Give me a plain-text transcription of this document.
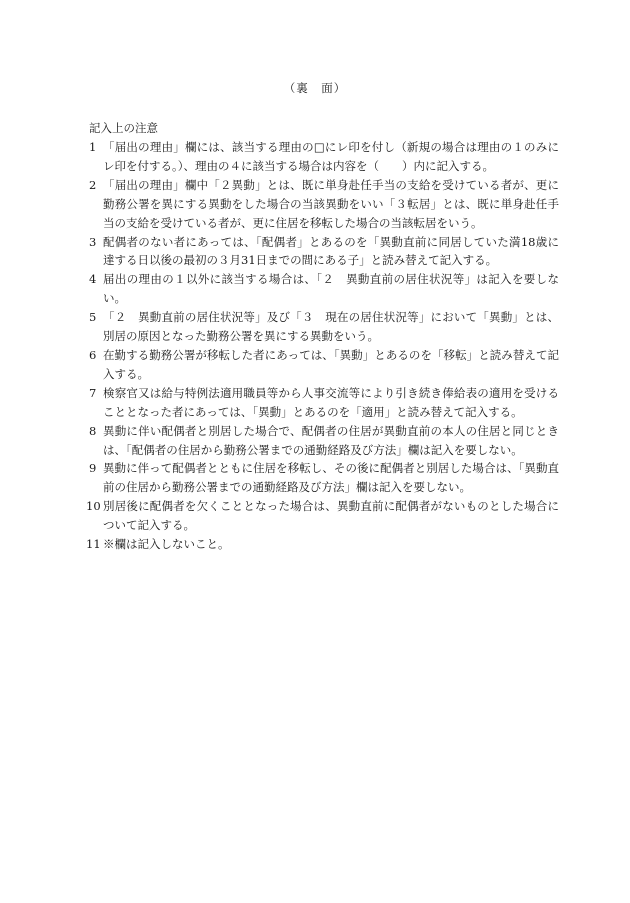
（裏　面）
記入上の注意
1 「届出の理由」欄には、該当する理由の□にレ印を付し（新規の場合は理由の１のみにレ印を付する。）、理由の４に該当する場合は内容を（　　）内に記入する。
2 「届出の理由」欄中「２異動」とは、既に単身赴任手当の支給を受けている者が、更に勤務公署を異にする異動をした場合の当該異動をいい「３転居」とは、既に単身赴任手当の支給を受けている者が、更に住居を移転した場合の当該転居をいう。
3 配偶者のない者にあっては、「配偶者」とあるのを「異動直前に同居していた満18歳に達する日以後の最初の３月31日までの間にある子」と読み替えて記入する。
4 届出の理由の１以外に該当する場合は、「２　異動直前の居住状況等」は記入を要しない。
5 「２　異動直前の居住状況等」及び「３　現在の居住状況等」において「異動」とは、別居の原因となった勤務公署を異にする異動をいう。
6 在勤する勤務公署が移転した者にあっては、「異動」とあるのを「移転」と読み替えて記入する。
7 検察官又は給与特例法適用職員等から人事交流等により引き続き俸給表の適用を受けることとなった者にあっては、「異動」とあるのを「適用」と読み替えて記入する。
8 異動に伴い配偶者と別居した場合で、配偶者の住居が異動直前の本人の住居と同じときは、「配偶者の住居から勤務公署までの通勤経路及び方法」欄は記入を要しない。
9 異動に伴って配偶者とともに住居を移転し、その後に配偶者と別居した場合は、「異動直前の住居から勤務公署までの通勤経路及び方法」欄は記入を要しない。
10 別居後に配偶者を欠くこととなった場合は、異動直前に配偶者がないものとした場合について記入する。
11 ※欄は記入しないこと。
